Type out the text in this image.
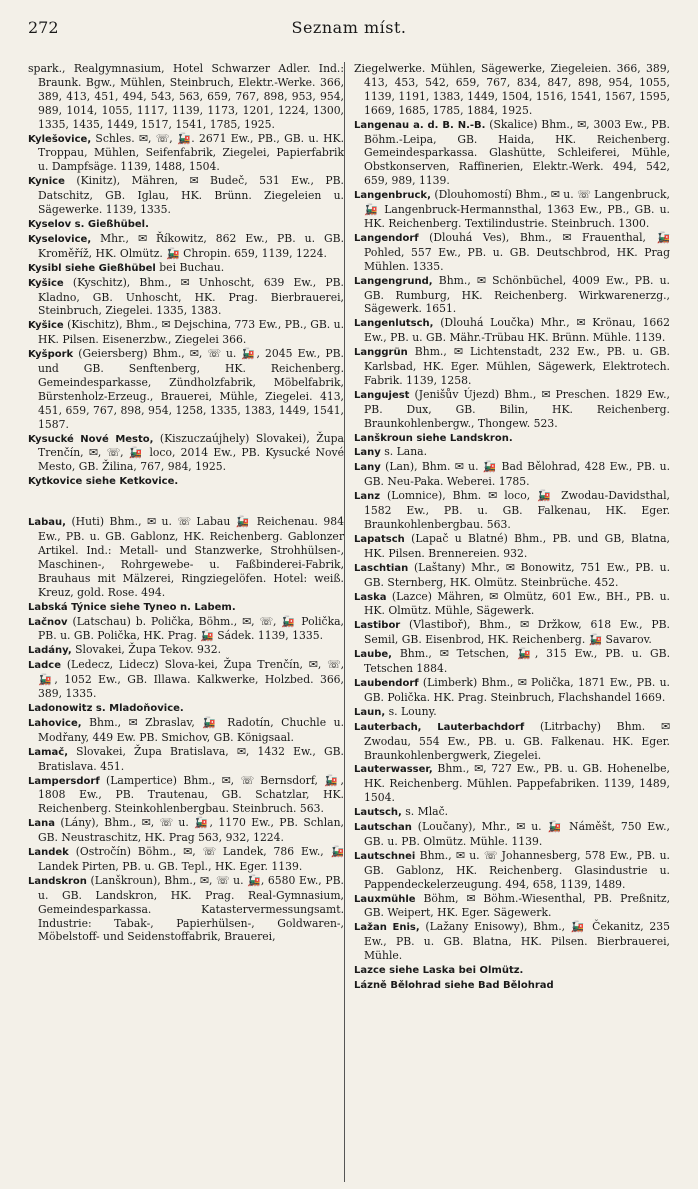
272	Seznam míst.
spark., Realgymnasium, Hotel Schwarzer Adler. Ind.: Braunk. Bgw., Mühlen, Steinbruch, Elektr.-Werke. 366, 389, 413, 451, 494, 543, 563, 659, 767, 898, 953, 954, 989, 1014, 1055, 1117, 1139, 1173, 1201, 1224, 1300, 1335, 1435, 1449, 1517, 1541, 1785, 1925.
Kylešovice, Schles. ✉, ☏, 🚂. 2671 Ew., PB., GB. u. HK. Troppau, Mühlen, Seifenfabrik, Ziegelei, Papierfabrik u. Dampfsäge. 1139, 1488, 1504.
Kynice (Kinitz), Mähren, ✉ Budeč, 531 Ew., PB. Datschitz, GB. Iglau, HK. Brünn. Ziegeleien u. Sägewerke. 1139, 1335.
Kyselov s. Gießhübel.
Kyselovice, Mhr., ✉ Říkowitz, 862 Ew., PB. u. GB. Kroměříž, HK. Olmütz. 🚂 Chropin. 659, 1139, 1224.
Kysibl siehe Gießhübel bei Buchau.
Kyšice (Kyschitz), Bhm., ✉ Unhoscht, 639 Ew., PB. Kladno, GB. Unhoscht, HK. Prag. Bierbrauerei, Steinbruch, Ziegelei. 1335, 1383.
Kyšice (Kischitz), Bhm., ✉ Dejschina, 773 Ew., PB., GB. u. HK. Pilsen. Eisenerzbw., Ziegelei 366.
Kyšpork (Geiersberg) Bhm., ✉, ☏ u. 🚂, 2045 Ew., PB. und GB. Senftenberg, HK. Reichenberg. Gemeindesparkasse, Zündholzfabrik, Möbelfabrik, Bürstenholz-Erzeug., Brauerei, Mühle, Ziegelei. 413, 451, 659, 767, 898, 954, 1258, 1335, 1383, 1449, 1541, 1587.
Kysucké Nové Mesto, (Kiszuczaújhely) Slovakei), Župa Trenčín, ✉, ☏, 🚂 loco, 2014 Ew., PB. Kysucké Nové Mesto, GB. Žilina, 767, 984, 1925.
Kytkovice siehe Ketkovice.
Labau, (Huti) Bhm., ✉ u. ☏ Labau 🚂 Reichenau. 984 Ew., PB. u. GB. Gablonz, HK. Reichenberg. Gablonzer Artikel. Ind.: Metall- und Stanzwerke, Strohhülsen-, Maschinen-, Rohrgewebe- u. Faßbinderei-Fabrik, Brauhaus mit Mälzerei, Ringziegelöfen. Hotel: weiß. Kreuz, gold. Rose. 494.
Labská Týnice siehe Tyneo n. Labem.
Lačnov (Latschau) b. Polička, Böhm., ✉, ☏, 🚂 Polička, PB. u. GB. Polička, HK. Prag. 🚂 Sádek. 1139, 1335.
Ladány, Slovakei, Župa Tekov. 932.
Ladce (Ledecz, Lidecz) Slova-kei, Župa Trenčín, ✉, ☏, 🚂, 1052 Ew., GB. Illawa. Kalkwerke, Holzbed. 366, 389, 1335.
Ladonowitz s. Mladoňovice.
Lahovice, Bhm., ✉ Zbraslav, 🚂 Radotín, Chuchle u. Modřany, 449 Ew. PB. Smichov, GB. Königsaal.
Lamač, Slovakei, Župa Bratislava, ✉, 1432 Ew., GB. Bratislava. 451.
Lampersdorf (Lampertice) Bhm., ✉, ☏ Bernsdorf, 🚂, 1808 Ew., PB. Trautenau, GB. Schatzlar, HK. Reichenberg. Steinkohlenbergbau. Steinbruch. 563.
Lana (Lány), Bhm., ✉, ☏ u. 🚂, 1170 Ew., PB. Schlan, GB. Neustraschitz, HK. Prag 563, 932, 1224.
Landek (Ostročín) Böhm., ✉, ☏ Landek, 786 Ew., 🚂 Landek Pirten, PB. u. GB. Tepl., HK. Eger. 1139.
Landskron (Lanškroun), Bhm., ✉, ☏ u. 🚂, 6580 Ew., PB. u. GB. Landskron, HK. Prag. Real-Gymnasium, Gemeindesparkassa. Katastervermessungsamt. Industrie: Tabak-, Papierhülsen-, Goldwaren-, Möbelstoff- und Seidenstoffabrik, Brauerei,
Ziegelwerke. Mühlen, Sägewerke, Ziegeleien. 366, 389, 413, 453, 542, 659, 767, 834, 847, 898, 954, 1055, 1139, 1191, 1383, 1449, 1504, 1516, 1541, 1567, 1595, 1669, 1685, 1785, 1884, 1925.
Langenau a. d. B. N.-B. (Skalice) Bhm., ✉, 3003 Ew., PB. Böhm.-Leipa, GB. Haida, HK. Reichenberg. Gemeindesparkassa. Glashütte, Schleiferei, Mühle, Obstkonserven, Raffinerien, Elektr.-Werk. 494, 542, 659, 989, 1139.
Langenbruck, (Dlouhomostí) Bhm., ✉ u. ☏ Langenbruck, 🚂 Langenbruck-Hermannsthal, 1363 Ew., PB., GB. u. HK. Reichenberg. Textilindustrie. Steinbruch. 1300.
Langendorf (Dlouhá Ves), Bhm., ✉ Frauenthal, 🚂 Pohled, 557 Ew., PB. u. GB. Deutschbrod, HK. Prag Mühlen. 1335.
Langengrund, Bhm., ✉ Schönbüchel, 4009 Ew., PB. u. GB. Rumburg, HK. Reichenberg. Wirkwarenerzg., Sägewerk. 1651.
Langenlutsch, (Dlouhá Loučka) Mhr., ✉ Krönau, 1662 Ew., PB. u. GB. Mähr.-Trübau HK. Brünn. Mühle. 1139.
Langgrün Bhm., ✉ Lichtenstadt, 232 Ew., PB. u. GB. Karlsbad, HK. Eger. Mühlen, Sägewerk, Elektrotech. Fabrik. 1139, 1258.
Langujest (Jenišův Újezd) Bhm., ✉ Preschen. 1829 Ew., PB. Dux, GB. Bilin, HK. Reichenberg. Braunkohlenbergw., Thongew. 523.
Lanškroun siehe Landskron.
Lany s. Lana.
Lany (Lan), Bhm. ✉ u. 🚂 Bad Bělohrad, 428 Ew., PB. u. GB. Neu-Paka. Weberei. 1785.
Lanz (Lomnice), Bhm. ✉ loco, 🚂 Zwodau-Davidsthal, 1582 Ew., PB. u. GB. Falkenau, HK. Eger. Braunkohlenbergbau. 563.
Lapatsch (Lapač u Blatné) Bhm., PB. und GB, Blatna, HK. Pilsen. Brennereien. 932.
Laschtian (Laštany) Mhr., ✉ Bonowitz, 751 Ew., PB. u. GB. Sternberg, HK. Olmütz. Steinbrüche. 452.
Laska (Lazce) Mähren, ✉ Olmütz, 601 Ew., BH., PB. u. HK. Olmütz. Mühle, Sägewerk.
Lastibor (Vlastiboř), Bhm., ✉ Držkow, 618 Ew., PB. Semil, GB. Eisenbrod, HK. Reichenberg. 🚂 Savarov.
Laube, Bhm., ✉ Tetschen, 🚂, 315 Ew., PB. u. GB. Tetschen 1884.
Laubendorf (Limberk) Bhm., ✉ Polička, 1871 Ew., PB. u. GB. Polička. HK. Prag. Steinbruch, Flachshandel 1669.
Laun, s. Louny.
Lauterbach, Lauterbachdorf (Litrbachy) Bhm. ✉ Zwodau, 554 Ew., PB. u. GB. Falkenau. HK. Eger. Braunkohlenbergwerk, Ziegelei.
Lauterwasser, Bhm., ✉, 727 Ew., PB. u. GB. Hohenelbe, HK. Reichenberg. Mühlen. Pappefabriken. 1139, 1489, 1504.
Lautsch, s. Mlač.
Lautschan (Loučany), Mhr., ✉ u. 🚂 Náměšt, 750 Ew., GB. u. PB. Olmütz. Mühle. 1139.
Lautschnei Bhm., ✉ u. ☏ Johannesberg, 578 Ew., PB. u. GB. Gablonz, HK. Reichenberg. Glasindustrie u. Pappendeckelerzeugung. 494, 658, 1139, 1489.
Lauxmühle Böhm, ✉ Böhm.-Wiesenthal, PB. Preßnitz, GB. Weipert, HK. Eger. Sägewerk.
Lažan Enis, (Lažany Enisowy), Bhm., 🚂 Čekanitz, 235 Ew., PB. u. GB. Blatna, HK. Pilsen. Bierbrauerei, Mühle.
Lazce siehe Laska bei Olmütz.
Lázně Bělohrad siehe Bad Bělohrad
